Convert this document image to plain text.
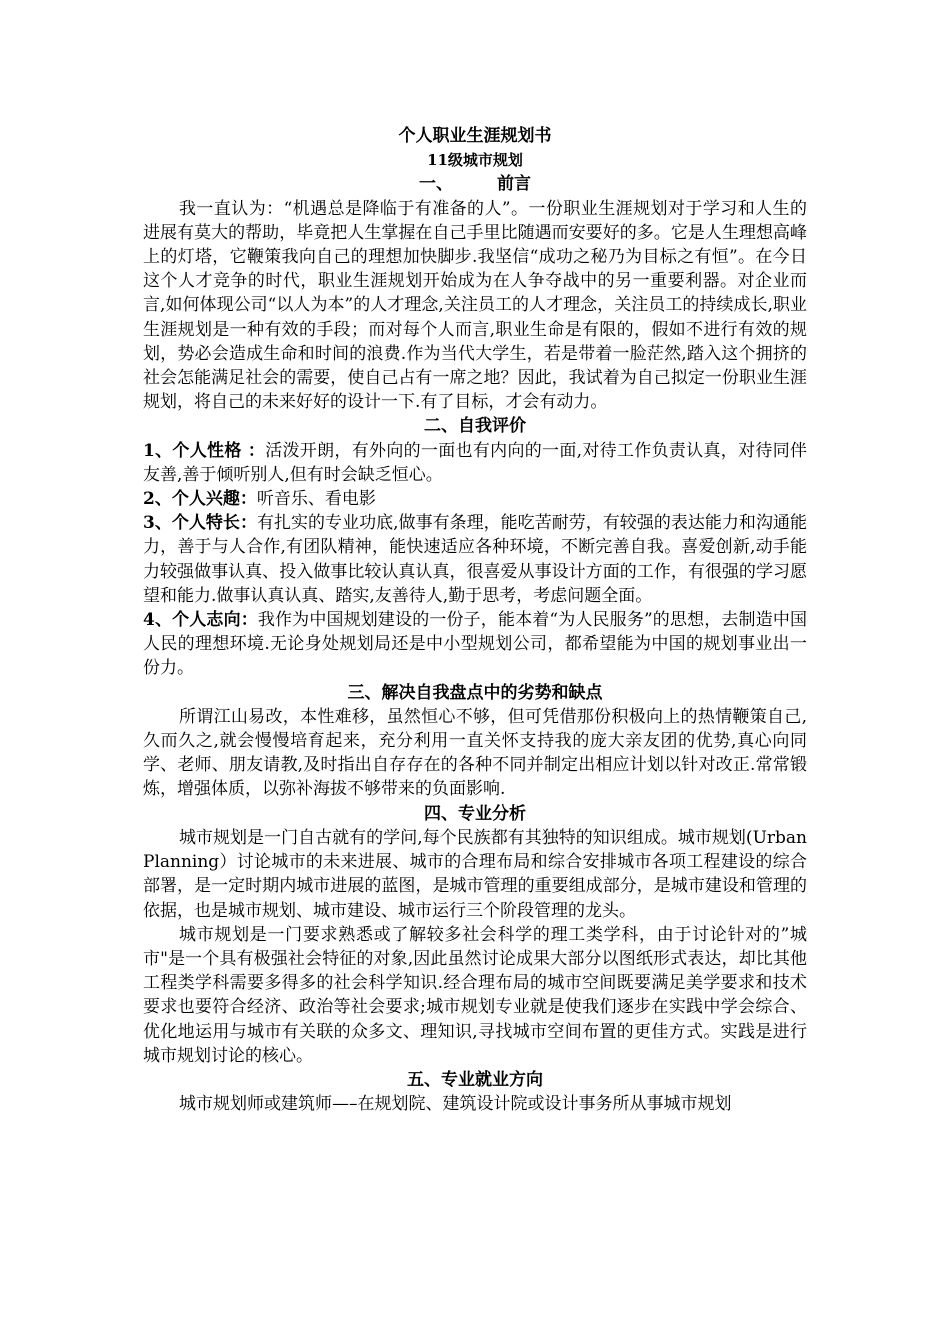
个人职业生涯规划书

11级城市规划

一、	前言

我一直认为：“机遇总是降临于有准备的人”。一份职业生涯规划对于学习和人生的进展有莫大的帮助，毕竟把人生掌握在自己手里比随遇而安要好的多。它是人生理想高峰上的灯塔，它鞭策我向自己的理想加快脚步.我坚信“成功之秘乃为目标之有恒”。在今日这个人才竞争的时代，职业生涯规划开始成为在人争夺战中的另一重要利器。对企业而言,如何体现公司“以人为本”的人才理念,关注员工的人才理念，关注员工的持续成长,职业生涯规划是一种有效的手段；而对每个人而言,职业生命是有限的，假如不进行有效的规划，势必会造成生命和时间的浪费.作为当代大学生，若是带着一脸茫然,踏入这个拥挤的社会怎能满足社会的需要，使自己占有一席之地？因此，我试着为自己拟定一份职业生涯规划，将自己的未来好好的设计一下.有了目标，才会有动力。

二、自我评价

1、个人性格 ：活泼开朗，有外向的一面也有内向的一面,对待工作负责认真，对待同伴友善,善于倾听别人,但有时会缺乏恒心。

2、个人兴趣：听音乐、看电影

3、个人特长：有扎实的专业功底,做事有条理，能吃苦耐劳，有较强的表达能力和沟通能力，善于与人合作,有团队精神，能快速适应各种环境，不断完善自我。喜爱创新,动手能力较强做事认真、投入做事比较认真认真，很喜爱从事设计方面的工作，有很强的学习愿望和能力.做事认真认真、踏实,友善待人,勤于思考，考虑问题全面。

4、个人志向：我作为中国规划建设的一份子，能本着“为人民服务”的思想，去制造中国人民的理想环境.无论身处规划局还是中小型规划公司，都希望能为中国的规划事业出一份力。

三、解决自我盘点中的劣势和缺点

所谓江山易改，本性难移，虽然恒心不够，但可凭借那份积极向上的热情鞭策自己,久而久之,就会慢慢培育起来，充分利用一直关怀支持我的庞大亲友团的优势,真心向同学、老师、朋友请教,及时指出自存存在的各种不同并制定出相应计划以针对改正.常常锻炼，增强体质，以弥补海拔不够带来的负面影响.

四、专业分析

城市规划是一门自古就有的学问,每个民族都有其独特的知识组成。城市规划(Urban Planning）讨论城市的未来进展、城市的合理布局和综合安排城市各项工程建设的综合部署，是一定时期内城市进展的蓝图，是城市管理的重要组成部分，是城市建设和管理的依据，也是城市规划、城市建设、城市运行三个阶段管理的龙头。

城市规划是一门要求熟悉或了解较多社会科学的理工类学科，由于讨论针对的”城市"是一个具有极强社会特征的对象,因此虽然讨论成果大部分以图纸形式表达，却比其他工程类学科需要多得多的社会科学知识.经合理布局的城市空间既要满足美学要求和技术要求也要符合经济、政治等社会要求;城市规划专业就是使我们逐步在实践中学会综合、优化地运用与城市有关联的众多文、理知识,寻找城市空间布置的更佳方式。实践是进行城市规划讨论的核心。

五、专业就业方向

城市规划师或建筑师—–在规划院、建筑设计院或设计事务所从事城市规划
